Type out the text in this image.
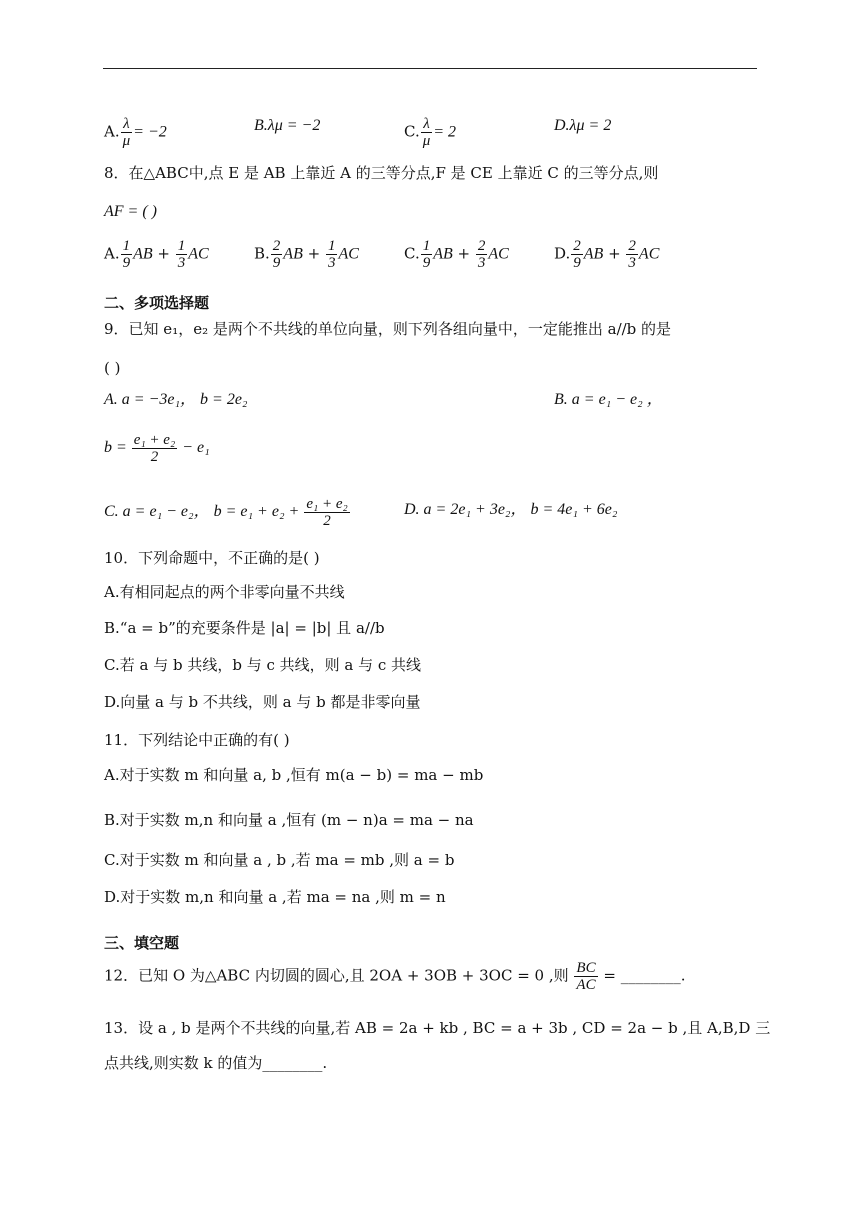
A. $\frac{\lambda}{\mu} = -2$	B.λμ = −2	C. $\frac{\lambda}{\mu} = 2$	D.λμ = 2
8．在△ABC中,点 E 是 AB 上靠近 A 的三等分点,F 是 CE 上靠近 C 的三等分点,则
AF = ( )
A. $\frac{1}{9}$ AB + $\frac{1}{3}$ AC	B. $\frac{2}{9}$ AB + $\frac{1}{3}$ AC	C. $\frac{1}{9}$ AB + $\frac{2}{3}$ AC	D. $\frac{2}{9}$ AB + $\frac{2}{3}$ AC
二、多项选择题
9．已知 e₁，e₂ 是两个不共线的单位向量，则下列各组向量中，一定能推出 a//b 的是
( )
A. a = −3e₁， b = 2e₂	B. a = e₁ − e₂ ，
$b = \frac{\text{e₁ + e₂}}{2} - e_1$
C. a = e₁ − e₂， $b = e_1 + e_2 + \frac{\text{e₁ + e₂}}{2}$	D. a = 2e₁ + 3e₂， b = 4e₁ + 6e₂
10．下列命题中，不正确的是( )
A.有相同起点的两个非零向量不共线
B.“a = b”的充要条件是 |a| = |b| 且 a//b
C.若 a 与 b 共线，b 与 c 共线，则 a 与 c 共线
D.向量 a 与 b 不共线，则 a 与 b 都是非零向量
11．下列结论中正确的有( )
A.对于实数 m 和向量 a, b ,恒有 m(a − b) = ma − mb
B.对于实数 m,n 和向量 a ,恒有 (m − n)a = ma − na
C.对于实数 m 和向量 a , b ,若 ma = mb ,则 a = b
D.对于实数 m,n 和向量 a ,若 ma = na ,则 m = n
三、填空题
12．已知 O 为△ABC 内切圆的圆心,且 2OA + 3OB + 3OC = 0 ,则 $\frac{BC}{AC}$ = ________.
13．设 a , b 是两个不共线的向量,若 AB = 2a + kb , BC = a + 3b , CD = 2a − b ,且 A,B,D 三
点共线,则实数 k 的值为________.
